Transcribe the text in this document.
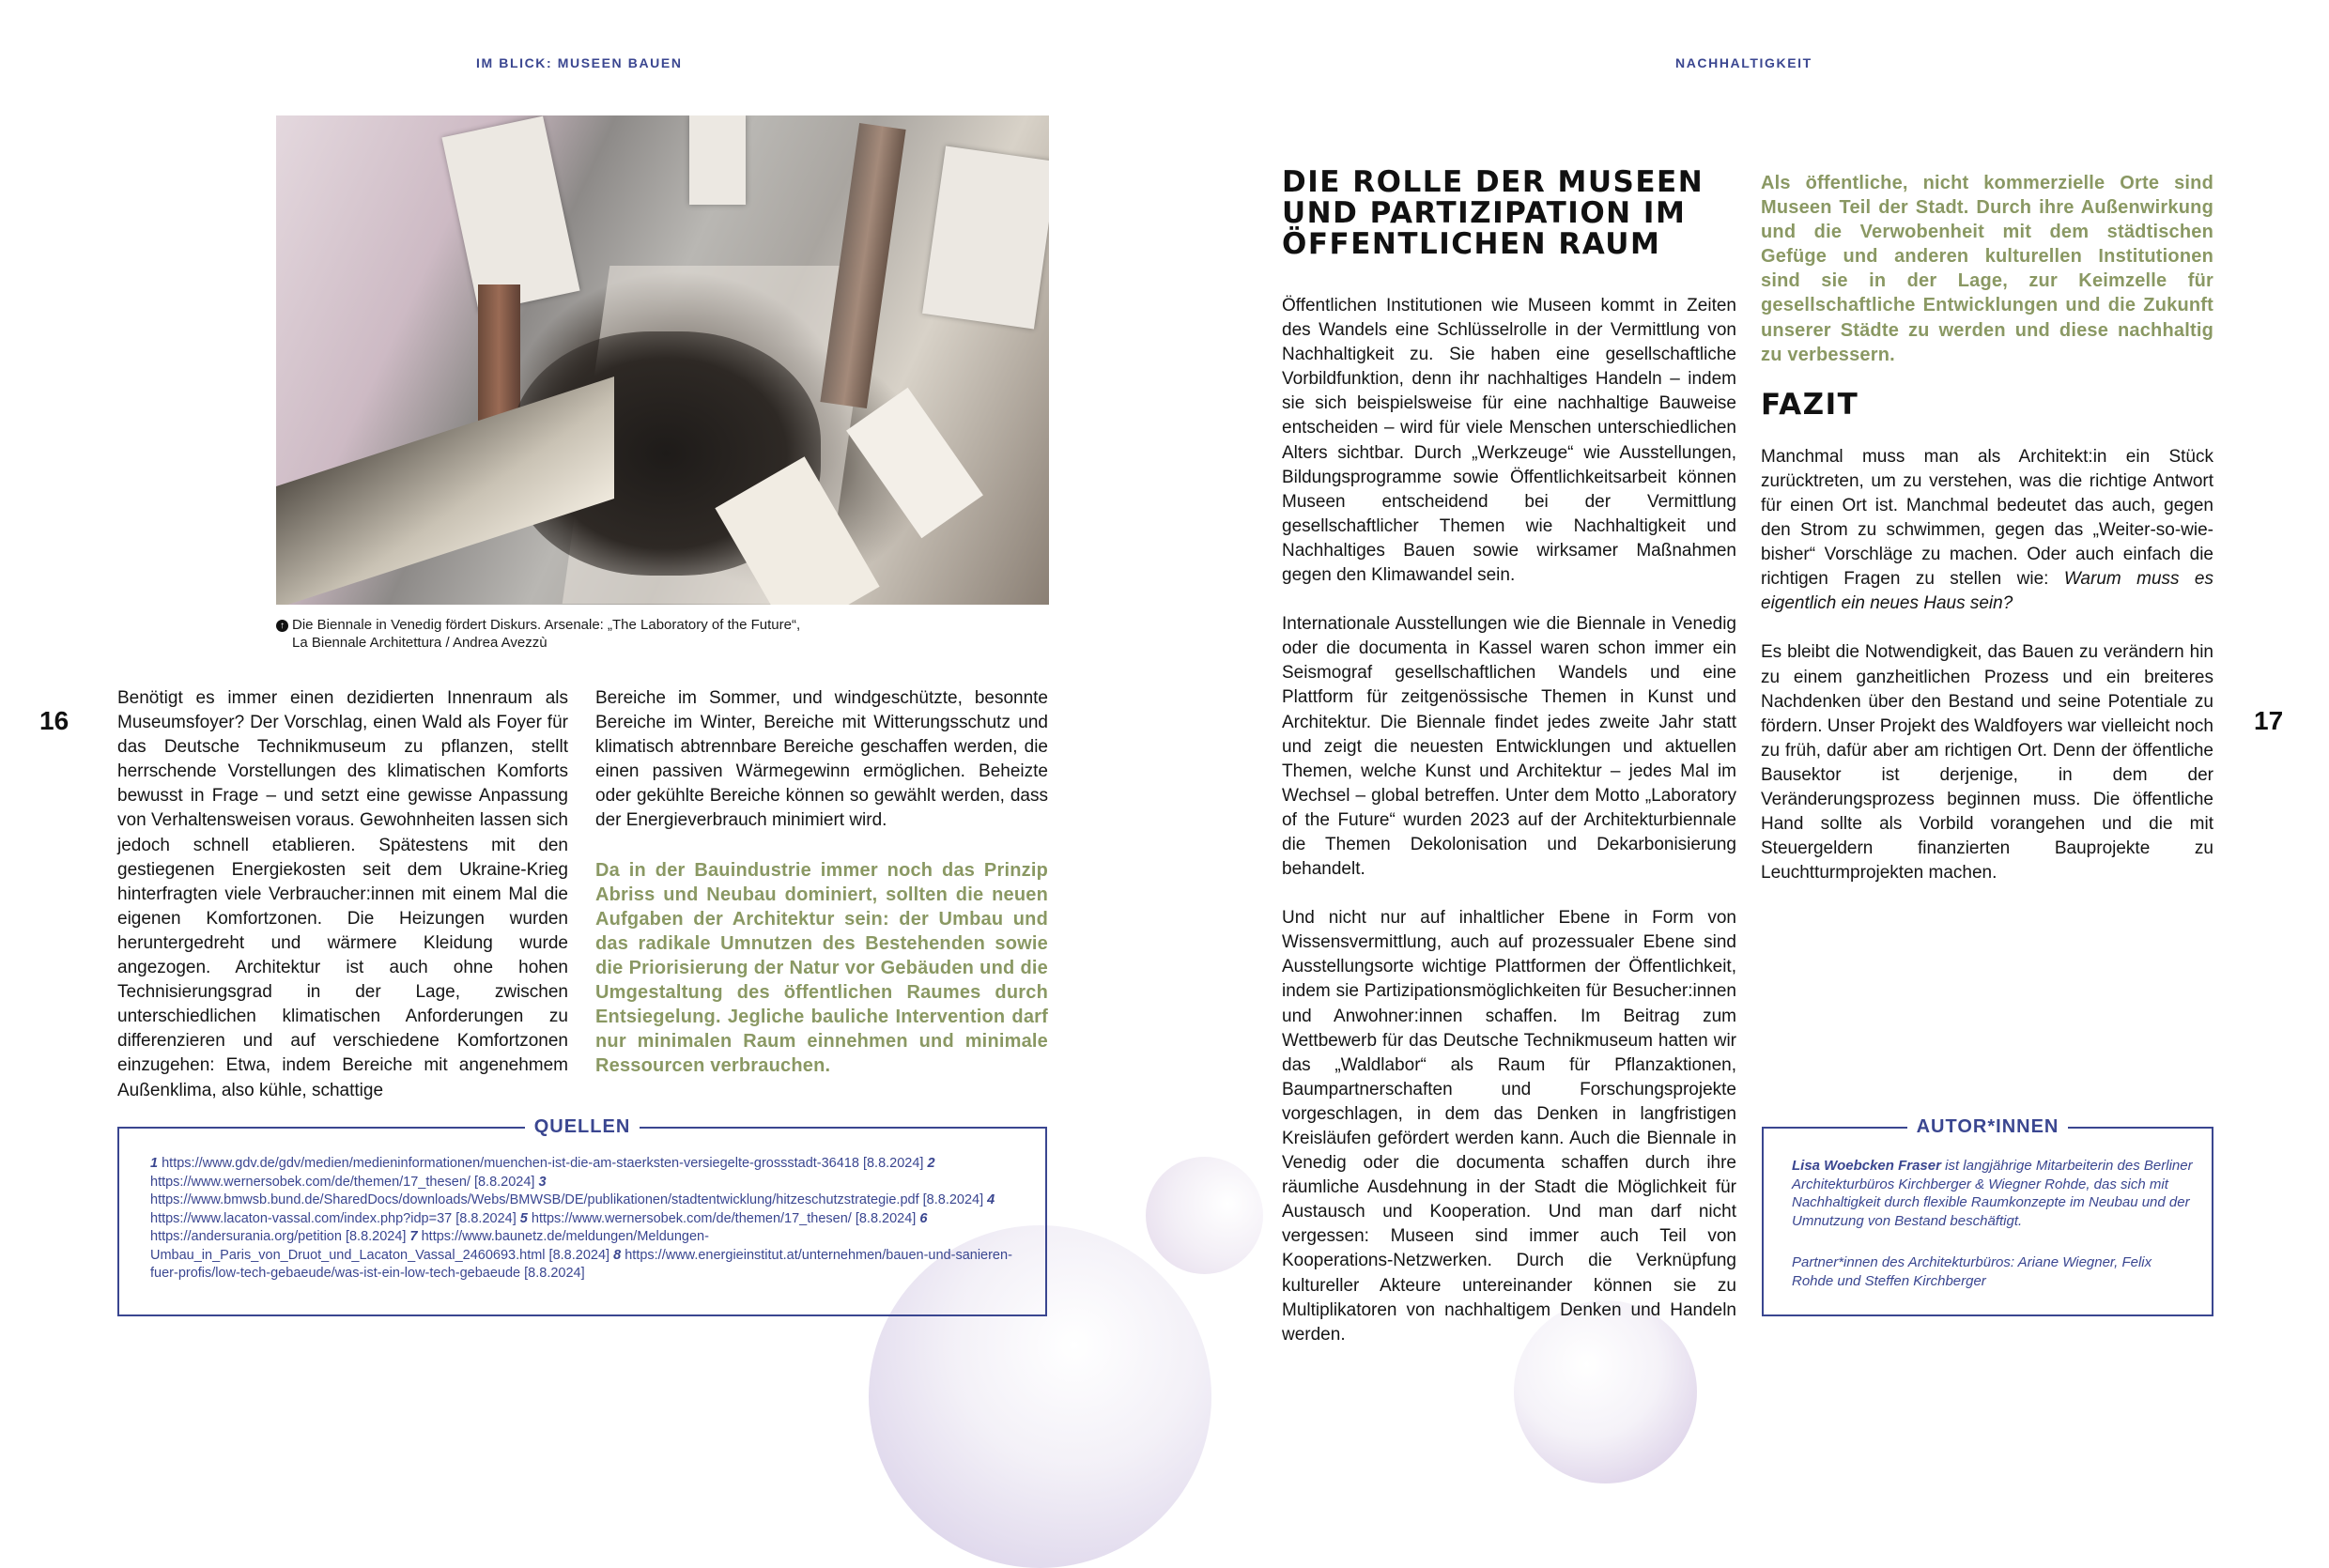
IM BLICK: MUSEEN BAUEN
16
↑ Die Biennale in Venedig fördert Diskurs. Arsenale: „The Laboratory of the Future“,
La Biennale Architettura / Andrea Avezzù
Benötigt es immer einen dezidierten Innenraum als Museumsfoyer? Der Vorschlag, einen Wald als Foyer für das Deutsche Technikmuseum zu pflanzen, stellt herrschende Vorstellungen des klimatischen Komforts bewusst in Frage – und setzt eine gewisse Anpassung von Verhaltensweisen voraus. Gewohnheiten lassen sich jedoch schnell etablieren. Spätestens mit den gestiegenen Energiekosten seit dem Ukraine-Krieg hinterfragten viele Verbraucher:innen mit einem Mal die eigenen Komfortzonen. Die Heizungen wurden heruntergedreht und wärmere Kleidung wurde angezogen. Architektur ist auch ohne hohen Technisierungsgrad in der Lage, zwischen unterschiedlichen klimatischen Anforderungen zu differenzieren und auf verschiedene Komfortzonen einzugehen: Etwa, indem Bereiche mit angenehmem Außenklima, also kühle, schattige
Bereiche im Sommer, und windgeschützte, besonnte Bereiche im Winter, Bereiche mit Witterungsschutz und klimatisch abtrennbare Bereiche geschaffen werden, die einen passiven Wärmegewinn ermöglichen. Beheizte oder gekühlte Bereiche können so gewählt werden, dass der Energieverbrauch minimiert wird.
Da in der Bauindustrie immer noch das Prinzip Abriss und Neubau dominiert, sollten die neuen Aufgaben der Architektur sein: der Umbau und das radikale Umnutzen des Bestehenden sowie die Priorisierung der Natur vor Gebäuden und die Umgestaltung des öffentlichen Raumes durch Entsiegelung. Jegliche bauliche Intervention darf nur minimalen Raum einnehmen und minimale Ressourcen verbrauchen.
QUELLEN
1 https://www.gdv.de/gdv/medien/medieninformationen/muenchen-ist-die-am-staerksten-versiegelte-grossstadt-36418 [8.8.2024] 2 https://www.wernersobek.com/de/themen/17_thesen/ [8.8.2024] 3 https://www.bmwsb.bund.de/SharedDocs/downloads/Webs/BMWSB/DE/publikationen/stadtentwicklung/hitzeschutzstrategie.pdf [8.8.2024] 4 https://www.lacaton-vassal.com/index.php?idp=37 [8.8.2024] 5 https://www.wernersobek.com/de/themen/17_thesen/ [8.8.2024] 6 https://andersurania.org/petition [8.8.2024] 7 https://www.baunetz.de/meldungen/Meldungen-Umbau_in_Paris_von_Druot_und_Lacaton_Vassal_2460693.html [8.8.2024] 8 https://www.energieinstitut.at/unternehmen/bauen-und-sanieren-fuer-profis/low-tech-gebaeude/was-ist-ein-low-tech-gebaeude [8.8.2024]
NACHHALTIGKEIT
17
DIE ROLLE DER MUSEEN UND PARTIZIPATION IM ÖFFENTLICHEN RAUM
Öffentlichen Institutionen wie Museen kommt in Zeiten des Wandels eine Schlüsselrolle in der Vermittlung von Nachhaltigkeit zu. Sie haben eine gesellschaftliche Vorbildfunktion, denn ihr nachhaltiges Handeln – indem sie sich beispielsweise für eine nachhaltige Bauweise entscheiden – wird für viele Menschen unterschiedlichen Alters sichtbar. Durch „Werkzeuge“ wie Ausstellungen, Bildungsprogramme sowie Öffentlichkeitsarbeit können Museen entscheidend bei der Vermittlung gesellschaftlicher Themen wie Nachhaltigkeit und Nachhaltiges Bauen sowie wirksamer Maßnahmen gegen den Klimawandel sein.
Internationale Ausstellungen wie die Biennale in Venedig oder die documenta in Kassel waren schon immer ein Seismograf gesellschaftlichen Wandels und eine Plattform für zeitgenössische Themen in Kunst und Architektur. Die Biennale findet jedes zweite Jahr statt und zeigt die neuesten Entwicklungen und aktuellen Themen, welche Kunst und Architektur – jedes Mal im Wechsel – global betreffen. Unter dem Motto „Laboratory of the Future“ wurden 2023 auf der Architekturbiennale die Themen Dekolonisation und Dekarbonisierung behandelt.
Und nicht nur auf inhaltlicher Ebene in Form von Wissensvermittlung, auch auf prozessualer Ebene sind Ausstellungsorte wichtige Plattformen der Öffentlichkeit, indem sie Partizipationsmöglichkeiten für Besucher:innen und Anwohner:innen schaffen. Im Beitrag zum Wettbewerb für das Deutsche Technikmuseum hatten wir das „Waldlabor“ als Raum für Pflanzaktionen, Baumpartnerschaften und Forschungsprojekte vorgeschlagen, in dem das Denken in langfristigen Kreisläufen gefördert werden kann. Auch die Biennale in Venedig oder die documenta schaffen durch ihre räumliche Ausdehnung in der Stadt die Möglichkeit für Austausch und Kooperation. Und man darf nicht vergessen: Museen sind immer auch Teil von Kooperations-Netzwerken. Durch die Verknüpfung kultureller Akteure untereinander können sie zu Multiplikatoren von nachhaltigem Denken und Handeln werden.
Als öffentliche, nicht kommerzielle Orte sind Museen Teil der Stadt. Durch ihre Außenwirkung und die Verwobenheit mit dem städtischen Gefüge und anderen kulturellen Institutionen sind sie in der Lage, zur Keimzelle für gesellschaftliche Entwicklungen und die Zukunft unserer Städte zu werden und diese nachhaltig zu verbessern.
FAZIT
Manchmal muss man als Architekt:in ein Stück zurücktreten, um zu verstehen, was die richtige Antwort für einen Ort ist. Manchmal bedeutet das auch, gegen den Strom zu schwimmen, gegen das „Weiter-so-wie-bisher“ Vorschläge zu machen. Oder auch einfach die richtigen Fragen zu stellen wie: Warum muss es eigentlich ein neues Haus sein?
Es bleibt die Notwendigkeit, das Bauen zu verändern hin zu einem ganzheitlichen Prozess und ein breiteres Nachdenken über den Bestand und seine Potentiale zu fördern. Unser Projekt des Waldfoyers war vielleicht noch zu früh, dafür aber am richtigen Ort. Denn der öffentliche Bausektor ist derjenige, in dem der Veränderungsprozess beginnen muss. Die öffentliche Hand sollte als Vorbild vorangehen und die mit Steuergeldern finanzierten Bauprojekte zu Leuchtturmprojekten machen.
AUTOR*INNEN
Lisa Woebcken Fraser ist langjährige Mitarbeiterin des Berliner Architekturbüros Kirchberger & Wiegner Rohde, das sich mit Nachhaltigkeit durch flexible Raumkonzepte im Neubau und der Umnutzung von Bestand beschäftigt.
Partner*innen des Architekturbüros: Ariane Wiegner, Felix Rohde und Steffen Kirchberger
